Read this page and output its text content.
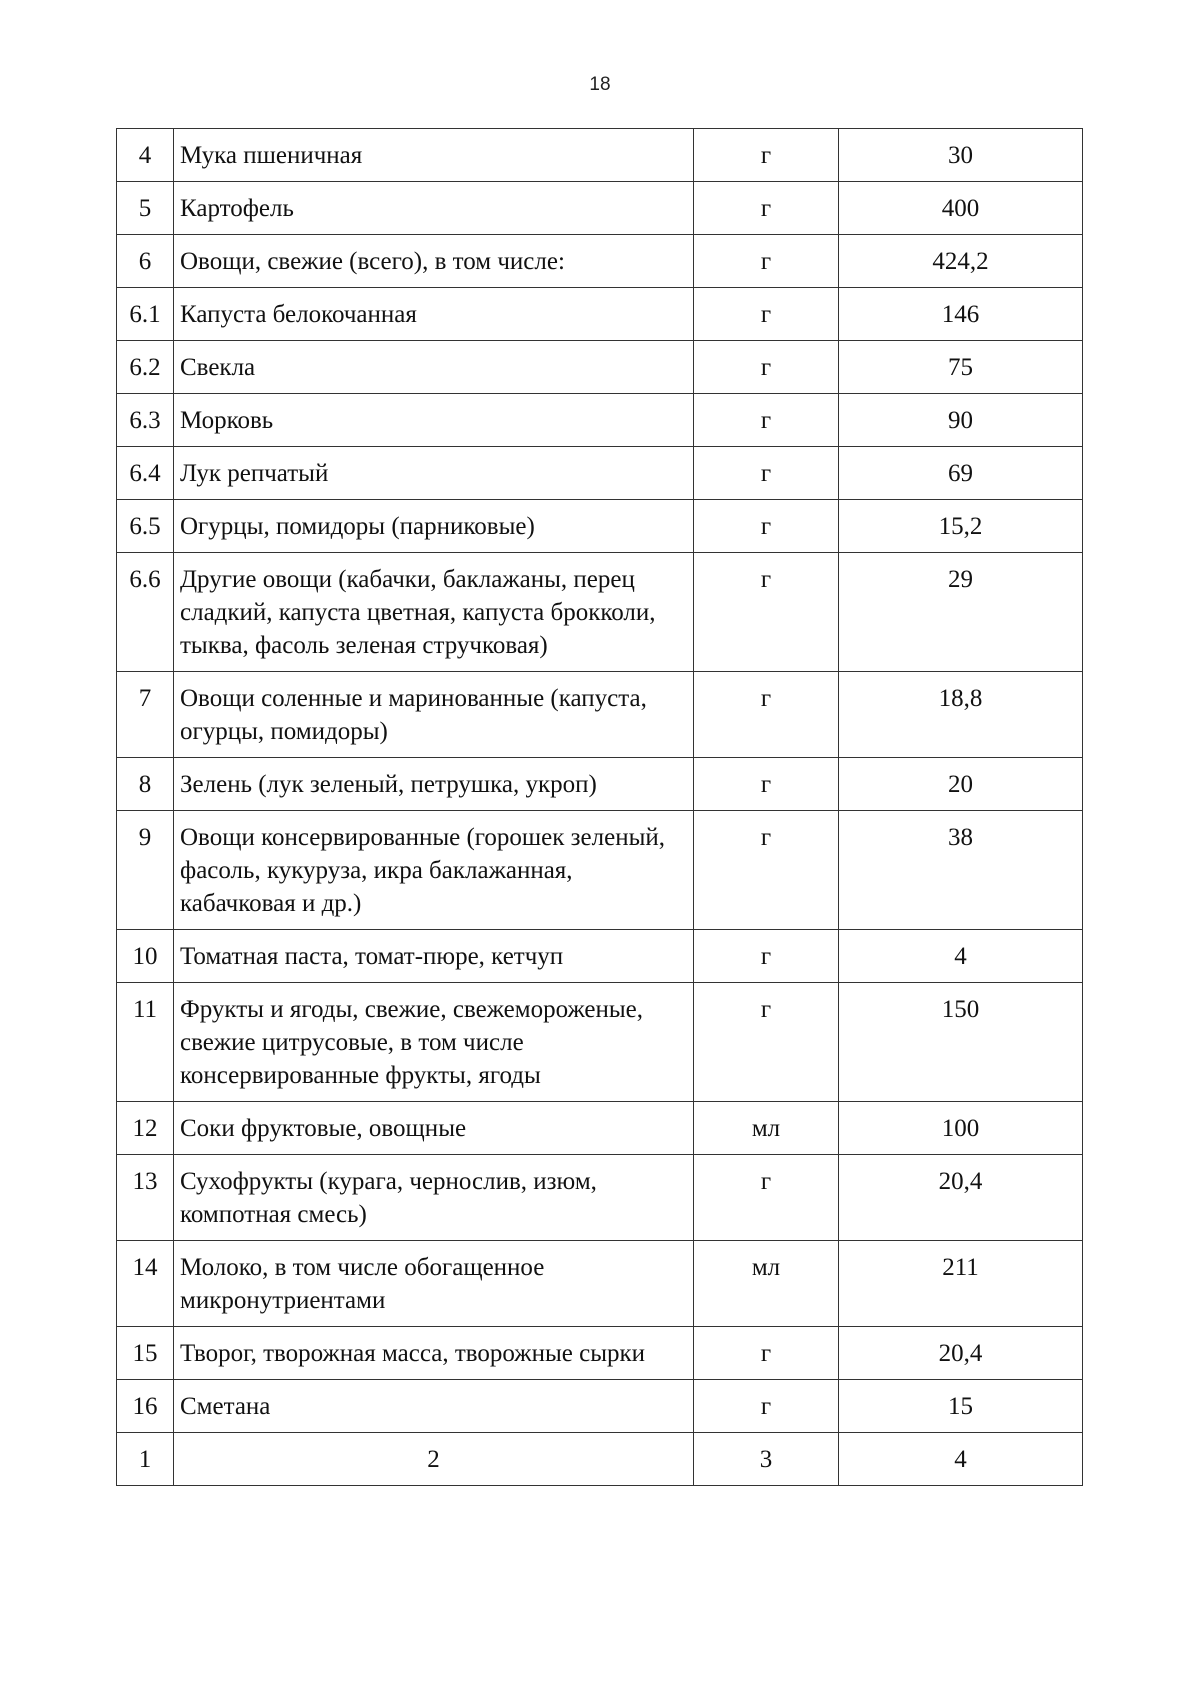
18
4	Мука пшеничная	г	30
5	Картофель	г	400
6	Овощи, свежие (всего), в том числе:	г	424,2
6.1	Капуста белокочанная	г	146
6.2	Свекла	г	75
6.3	Морковь	г	90
6.4	Лук репчатый	г	69
6.5	Огурцы, помидоры (парниковые)	г	15,2
6.6	Другие овощи (кабачки, баклажаны, перец сладкий, капуста цветная, капуста брокколи, тыква, фасоль зеленая стручковая)	г	29
7	Овощи соленные и маринованные (капуста, огурцы, помидоры)	г	18,8
8	Зелень (лук зеленый, петрушка, укроп)	г	20
9	Овощи консервированные (горошек зеленый, фасоль, кукуруза, икра баклажанная, кабачковая и др.)	г	38
10	Томатная паста, томат-пюре, кетчуп	г	4
11	Фрукты и ягоды, свежие, свежемороженые, свежие цитрусовые, в том числе консервированные фрукты, ягоды	г	150
12	Соки фруктовые, овощные	мл	100
13	Сухофрукты (курага, чернослив, изюм, компотная смесь)	г	20,4
14	Молоко, в том числе обогащенное микронутриентами	мл	211
15	Творог, творожная масса, творожные сырки	г	20,4
16	Сметана	г	15
1	2	3	4
